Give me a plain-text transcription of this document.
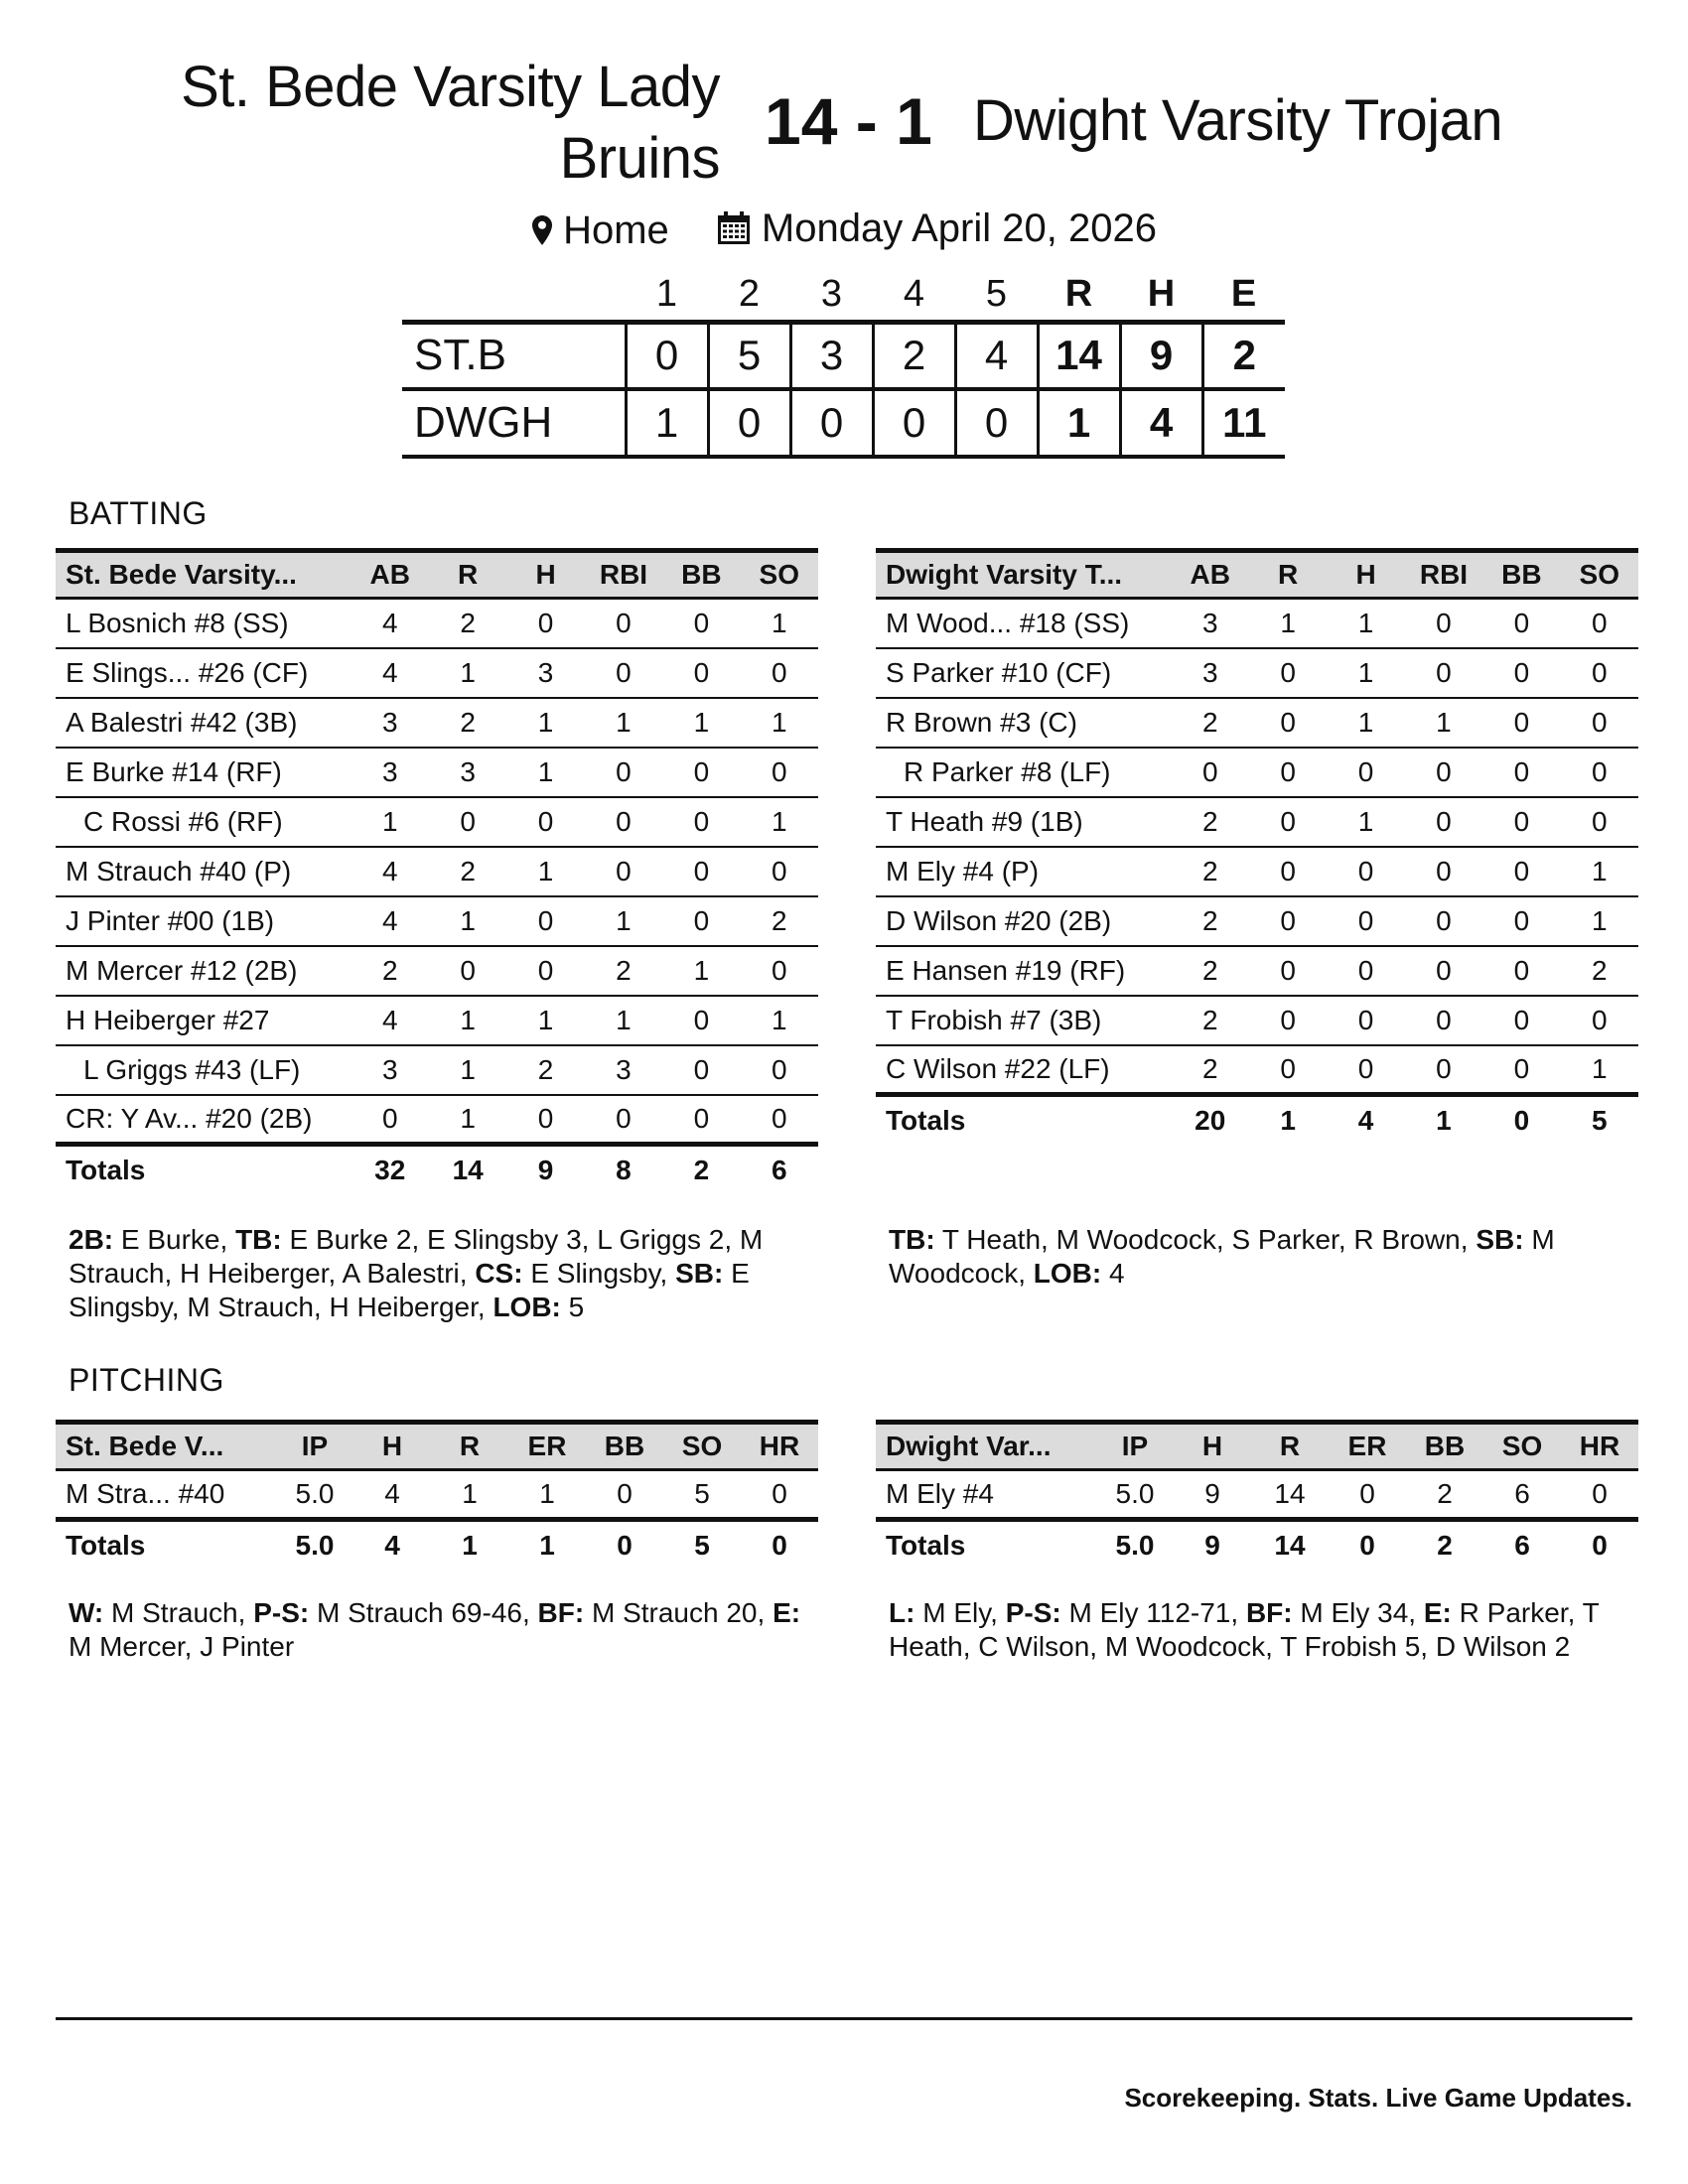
St. Bede Varsity Lady Bruins
14 - 1 Dwight Varsity Trojan
Home
Monday April 20, 2026
	1	2	3	4	5	R	H	E
ST.B	0	5	3	2	4	14	9	2
DWGH	1	0	0	0	0	1	4	11
BATTING
PITCHING
St. Bede Varsity...	AB	R	H	RBI	BB	SO
L Bosnich #8 (SS)	4	2	0	0	0	1
E Slings... #26 (CF)	4	1	3	0	0	0
A Balestri #42 (3B)	3	2	1	1	1	1
E Burke #14 (RF)	3	3	1	0	0	0
C Rossi #6 (RF)	1	0	0	0	0	1
M Strauch #40 (P)	4	2	1	0	0	0
J Pinter #00 (1B)	4	1	0	1	0	2
M Mercer #12 (2B)	2	0	0	2	1	0
H Heiberger #27	4	1	1	1	0	1
L Griggs #43 (LF)	3	1	2	3	0	0
CR: Y Av... #20 (2B)	0	1	0	0	0	0
Totals	32	14	9	8	2	6
Dwight Varsity T...	AB	R	H	RBI	BB	SO
M Wood... #18 (SS)	3	1	1	0	0	0
S Parker #10 (CF)	3	0	1	0	0	0
R Brown #3 (C)	2	0	1	1	0	0
R Parker #8 (LF)	0	0	0	0	0	0
T Heath #9 (1B)	2	0	1	0	0	0
M Ely #4 (P)	2	0	0	0	0	1
D Wilson #20 (2B)	2	0	0	0	0	1
E Hansen #19 (RF)	2	0	0	0	0	2
T Frobish #7 (3B)	2	0	0	0	0	0
C Wilson #22 (LF)	2	0	0	0	0	1
Totals	20	1	4	1	0	5
2B: E Burke, TB: E Burke 2, E Slingsby 3, L Griggs 2, M Strauch, H Heiberger, A Balestri, CS: E Slingsby, SB: E Slingsby, M Strauch, H Heiberger, LOB: 5
TB: T Heath, M Woodcock, S Parker, R Brown, SB: M Woodcock, LOB: 4
St. Bede V...	IP	H	R	ER	BB	SO	HR
M Stra... #40	5.0	4	1	1	0	5	0
Totals	5.0	4	1	1	0	5	0
Dwight Var...	IP	H	R	ER	BB	SO	HR
M Ely #4	5.0	9	14	0	2	6	0
Totals	5.0	9	14	0	2	6	0
W: M Strauch, P-S: M Strauch 69-46, BF: M Strauch 20, E: M Mercer, J Pinter
L: M Ely, P-S: M Ely 112-71, BF: M Ely 34, E: R Parker, T Heath, C Wilson, M Woodcock, T Frobish 5, D Wilson 2
Scorekeeping. Stats. Live Game Updates.
